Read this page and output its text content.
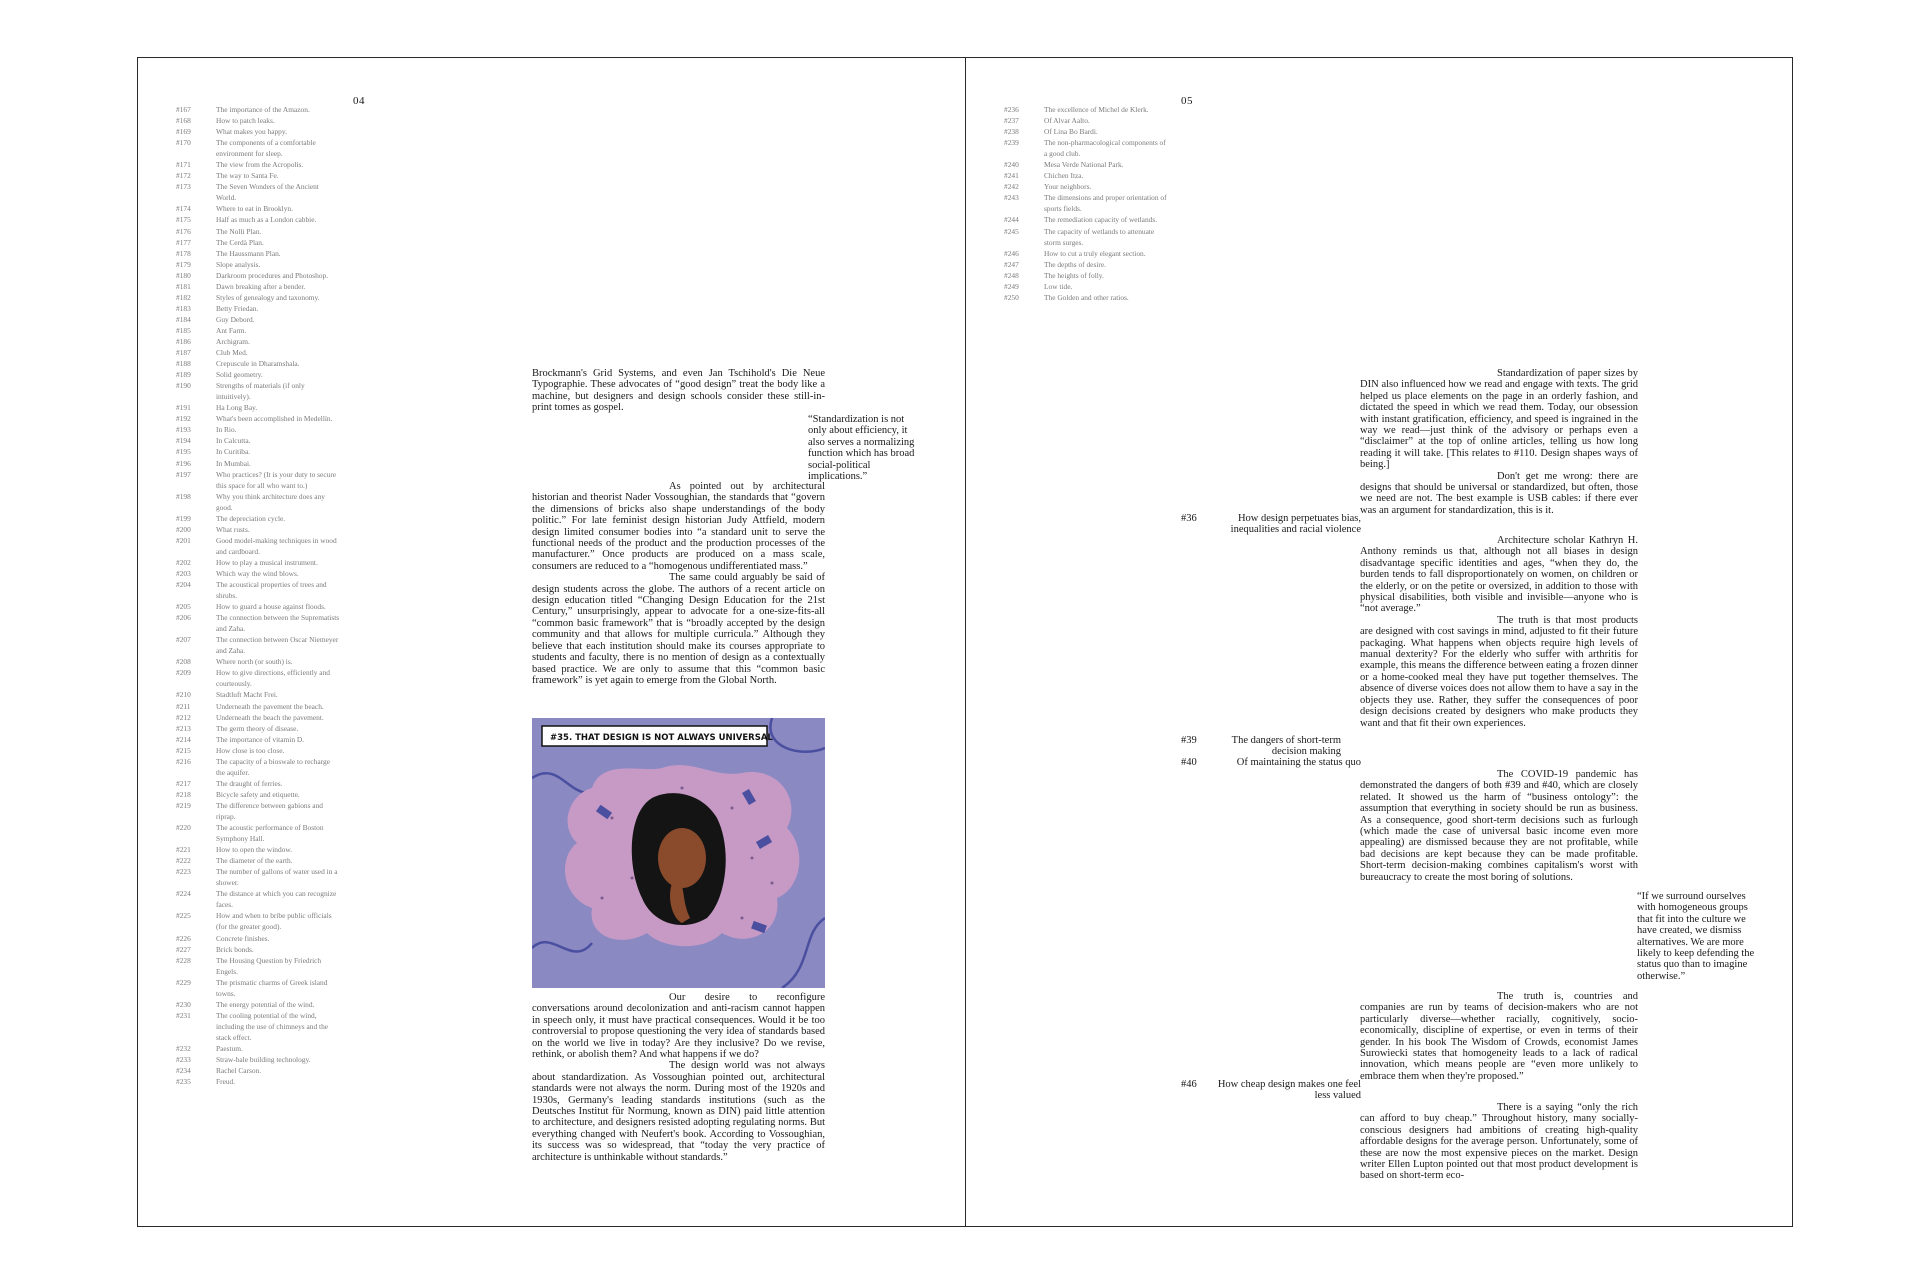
04
#167	The importance of the Amazon.
#168	How to patch leaks.
#169	What makes you happy.
#170	The components of a comfortable environment for sleep.
#171	The view from the Acropolis.
#172	The way to Santa Fe.
#173	The Seven Wonders of the Ancient World.
#174	Where to eat in Brooklyn.
#175	Half as much as a London cabbie.
#176	The Nolli Plan.
#177	The Cerdà Plan.
#178	The Haussmann Plan.
#179	Slope analysis.
#180	Darkroom procedures and Photoshop.
#181	Dawn breaking after a bender.
#182	Styles of genealogy and taxonomy.
#183	Betty Friedan.
#184	Guy Debord.
#185	Ant Farm.
#186	Archigram.
#187	Club Med.
#188	Crepuscule in Dharamshala.
#189	Solid geometry.
#190	Strengths of materials (if only intuitively).
#191	Ha Long Bay.
#192	What's been accomplished in Medellín.
#193	In Rio.
#194	In Calcutta.
#195	In Curitiba.
#196	In Mumbai.
#197	Who practices? (It is your duty to secure this space for all who want to.)
#198	Why you think architecture does any good.
#199	The depreciation cycle.
#200	What rusts.
#201	Good model-making techniques in wood and cardboard.
#202	How to play a musical instrument.
#203	Which way the wind blows.
#204	The acoustical properties of trees and shrubs.
#205	How to guard a house against floods.
#206	The connection between the Suprematists and Zaha.
#207	The connection between Oscar Niemeyer and Zaha.
#208	Where north (or south) is.
#209	How to give directions, efficiently and courteously.
#210	Stadtluft Macht Frei.
#211	Underneath the pavement the beach.
#212	Underneath the beach the pavement.
#213	The germ theory of disease.
#214	The importance of vitamin D.
#215	How close is too close.
#216	The capacity of a bioswale to recharge the aquifer.
#217	The draught of ferries.
#218	Bicycle safety and etiquette.
#219	The difference between gabions and riprap.
#220	The acoustic performance of Boston Symphony Hall.
#221	How to open the window.
#222	The diameter of the earth.
#223	The number of gallons of water used in a shower.
#224	The distance at which you can recognize faces.
#225	How and when to bribe public officials (for the greater good).
#226	Concrete finishes.
#227	Brick bonds.
#228	The Housing Question by Friedrich Engels.
#229	The prismatic charms of Greek island towns.
#230	The energy potential of the wind.
#231	The cooling potential of the wind, including the use of chimneys and the stack effect.
#232	Paestum.
#233	Straw-bale building technology.
#234	Rachel Carson.
#235	Freud.

Brockmann's Grid Systems, and even Jan Tschihold's Die Neue Typographie. These advocates of “good design” treat the body like a machine, but designers and design schools consider these still-in-print tomes as gospel.

“Standardization is not only about efficiency, it also serves a normalizing function which has broad social-political implications.”

As pointed out by architectural historian and theorist Nader Vossoughian, the standards that “govern the dimensions of bricks also shape understandings of the body politic.” For late feminist design historian Judy Attfield, modern design limited consumer bodies into “a standard unit to serve the functional needs of the product and the production processes of the manufacturer.” Once products are produced on a mass scale, consumers are reduced to a “homogenous undifferentiated mass.”

The same could arguably be said of design students across the globe. The authors of a recent article on design education titled “Changing Design Education for the 21st Century,” unsurprisingly, appear to advocate for a one-size-fits-all “common basic framework” that is “broadly accepted by the design community and that allows for multiple curricula.” Although they believe that each institution should make its courses appropriate to students and faculty, there is no mention of design as a contextually based practice. We are only to assume that this “common basic framework” is yet again to emerge from the Global North.

#35. THAT DESIGN IS NOT ALWAYS UNIVERSAL

Our desire to reconfigure conversations around decolonization and anti-racism cannot happen in speech only, it must have practical consequences. Would it be too controversial to propose questioning the very idea of standards based on the world we live in today? Are they inclusive? Do we revise, rethink, or abolish them? And what happens if we do?

The design world was not always about standardization. As Vossoughian pointed out, architectural standards were not always the norm. During most of the 1920s and 1930s, Germany's leading standards institutions (such as the Deutsches Institut für Normung, known as DIN) paid little attention to architecture, and designers resisted adopting regulating norms. But everything changed with Neufert's book. According to Vossoughian, its success was so widespread, that “today the very practice of architecture is unthinkable without standards.”

05
#236	The excellence of Michel de Klerk.
#237	Of Alvar Aalto.
#238	Of Lina Bo Bardi.
#239	The non-pharmacological components of a good club.
#240	Mesa Verde National Park.
#241	Chichen Itza.
#242	Your neighbors.
#243	The dimensions and proper orientation of sports fields.
#244	The remediation capacity of wetlands.
#245	The capacity of wetlands to attenuate storm surges.
#246	How to cut a truly elegant section.
#247	The depths of desire.
#248	The heights of folly.
#249	Low tide.
#250	The Golden and other ratios.

Standardization of paper sizes by DIN also influenced how we read and engage with texts. The grid helped us place elements on the page in an orderly fashion, and dictated the speed in which we read them. Today, our obsession with instant gratification, efficiency, and speed is ingrained in the way we read—just think of the advisory or perhaps even a “disclaimer” at the top of online articles, telling us how long reading it will take. [This relates to #110. Design shapes ways of being.]

Don't get me wrong: there are designs that should be universal or standardized, but often, those we need are not. The best example is USB cables: if there ever was an argument for standardization, this is it.

#36	How design perpetuates bias, inequalities and racial violence

Architecture scholar Kathryn H. Anthony reminds us that, although not all biases in design disadvantage specific identities and ages, “when they do, the burden tends to fall disproportionately on women, on children or the elderly, or on the petite or oversized, in addition to those with physical disabilities, both visible and invisible—anyone who is “not average.”

The truth is that most products are designed with cost savings in mind, adjusted to fit their future packaging. What happens when objects require high levels of manual dexterity? For the elderly who suffer with arthritis for example, this means the difference between eating a frozen dinner or a home-cooked meal they have put together themselves. The absence of diverse voices does not allow them to have a say in the objects they use. Rather, they suffer the consequences of poor design decisions created by designers who make products they want and that fit their own experiences.

#39	The dangers of short-term decision making
#40	Of maintaining the status quo

The COVID-19 pandemic has demonstrated the dangers of both #39 and #40, which are closely related. It showed us the harm of “business ontology”: the assumption that everything in society should be run as business. As a consequence, good short-term decisions such as furlough (which made the case of universal basic income even more appealing) are dismissed because they are not profitable, while bad decisions are kept because they can be made profitable. Short-term decision-making combines capitalism's worst with bureaucracy to create the most boring of solutions.

“If we surround ourselves with homogeneous groups that fit into the culture we have created, we dismiss alternatives. We are more likely to keep defending the status quo than to imagine otherwise.”

The truth is, countries and companies are run by teams of decision-makers who are not particularly diverse—whether racially, cognitively, socio-economically, discipline of expertise, or even in terms of their gender. In his book The Wisdom of Crowds, economist James Surowiecki states that homogeneity leads to a lack of radical innovation, which means people are “even more unlikely to embrace them when they're proposed.”

#46	How cheap design makes one feel less valued

There is a saying “only the rich can afford to buy cheap.” Throughout history, many socially-conscious designers had ambitions of creating high-quality affordable designs for the average person. Unfortunately, some of these are now the most expensive pieces on the market. Design writer Ellen Lupton pointed out that most product development is based on short-term eco-
